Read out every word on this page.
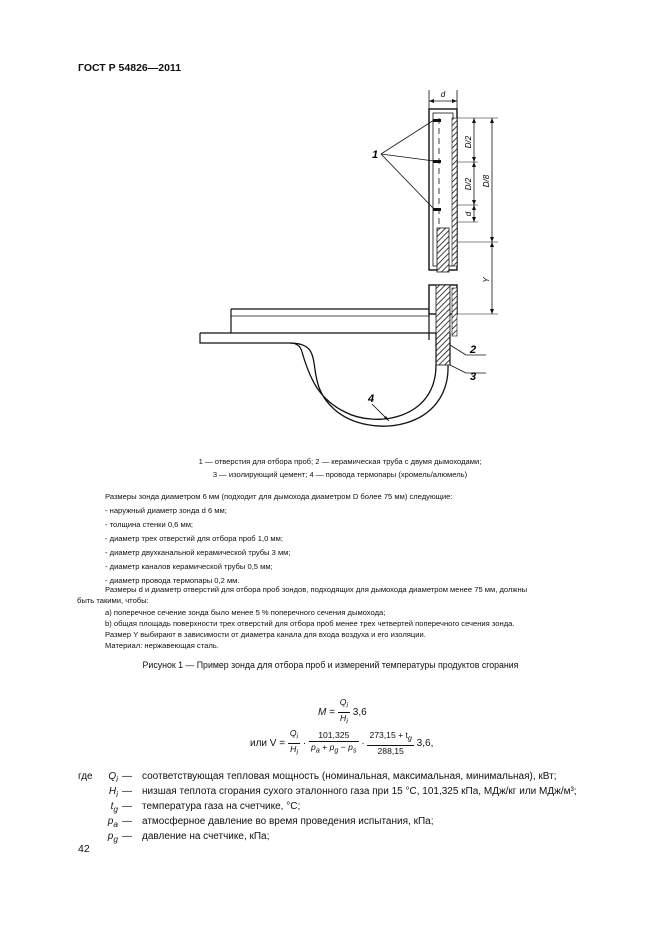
ГОСТ Р 54826—2011
d
D/2
D/2 D/8
d
Y
1
2
3
4
1 — отверстия для отбора проб; 2 — керамическая труба с двумя дымоходами;
3 — изолирующий цемент; 4 — провода термопары (хромель/алюмель)
Размеры зонда диаметром 6 мм (подходит для дымохода диаметром D более 75 мм) следующие:
- наружный диаметр зонда d 6 мм;
- толщина стенки 0,6 мм;
- диаметр трех отверстий для отбора проб 1,0 мм;
- диаметр двухканальной керамической трубы 3 мм;
- диаметр каналов керамической трубы 0,5 мм;
- диаметр провода термопары 0,2 мм.
Размеры d и диаметр отверстий для отбора проб зондов, подходящих для дымохода диаметром менее 75 мм, должны
быть такими, чтобы:
а) поперечное сечение зонда было менее 5 % поперечного сечения дымохода;
b) общая площадь поверхности трех отверстий для отбора проб менее трех четвертей поперечного сечения зонда.
Размер Y выбирают в зависимости от диаметра канала для входа воздуха и его изоляции.
Материал: нержавеющая сталь.
Рисунок 1 — Пример зонда для отбора проб и измерений температуры продуктов сгорания
$M = \frac{Q_i}{H_i} 3,6$
или $V = \frac{Q_i}{H_i} \cdot \frac{101,325}{p_a + p_g - p_s} \cdot \frac{273,15 + t_g}{288,15} 3,6$,
где	$Q_i$ — соответствующая тепловая мощность (номинальная, максимальная, минимальная), кВт;
$H_i$ — низшая теплота сгорания сухого эталонного газа при 15 °С, 101,325 кПа, МДж/кг или МДж/м³;
$t_g$ — температура газа на счетчике, °С;
$p_a$ — атмосферное давление во время проведения испытания, кПа;
$p_g$ — давление на счетчике, кПа;
42
